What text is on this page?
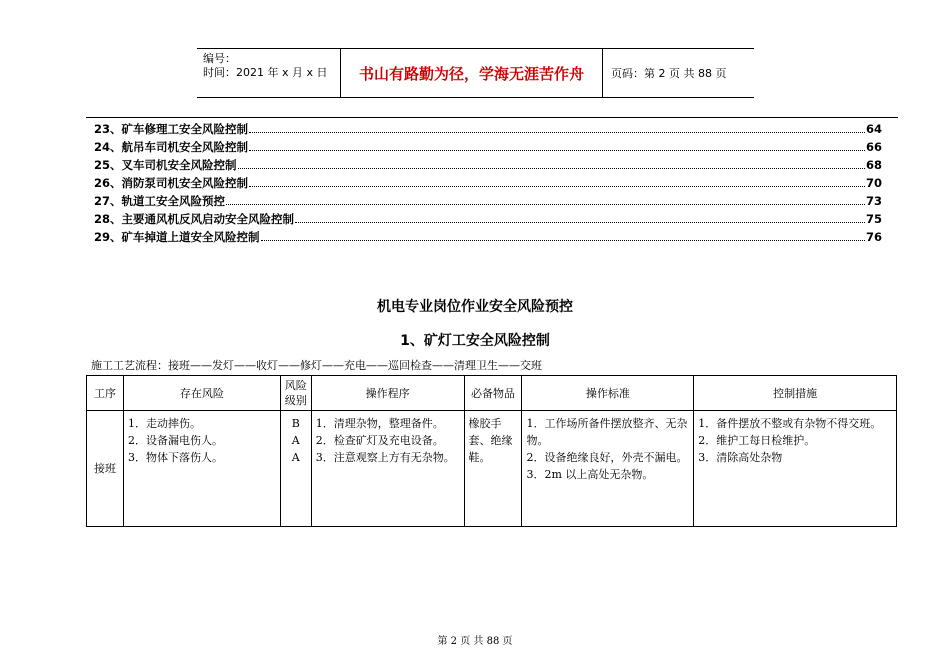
编号：
时间：2021 年 x 月 x 日	书山有路勤为径，学海无涯苦作舟	页码：第 2 页 共 88 页
23、矿车修理工安全风险控制	64
24、航吊车司机安全风险控制	66
25、叉车司机安全风险控制	68
26、消防泵司机安全风险控制	70
27、轨道工安全风险预控	73
28、主要通风机反风启动安全风险控制	75
29、矿车掉道上道安全风险控制	76
机电专业岗位作业安全风险预控
1、矿灯工安全风险控制
施工工艺流程：接班——发灯——收灯——修灯——充电——巡回检查——清理卫生——交班
工序	存在风险	风险级别	操作程序	必备物品	操作标准	控制措施
接班	1．走动摔伤。
2．设备漏电伤人。
3．物体下落伤人。	B
A
A	1．清理杂物，整理备件。
2．检查矿灯及充电设备。
3．注意观察上方有无杂物。	橡胶手套、绝缘鞋。	1．工作场所备件摆放整齐、无杂物。
2．设备绝缘良好，外壳不漏电。
3．2m 以上高处无杂物。	1．备件摆放不整或有杂物不得交班。
2．维护工每日检维护。
3．清除高处杂物
第 2 页 共 88 页
